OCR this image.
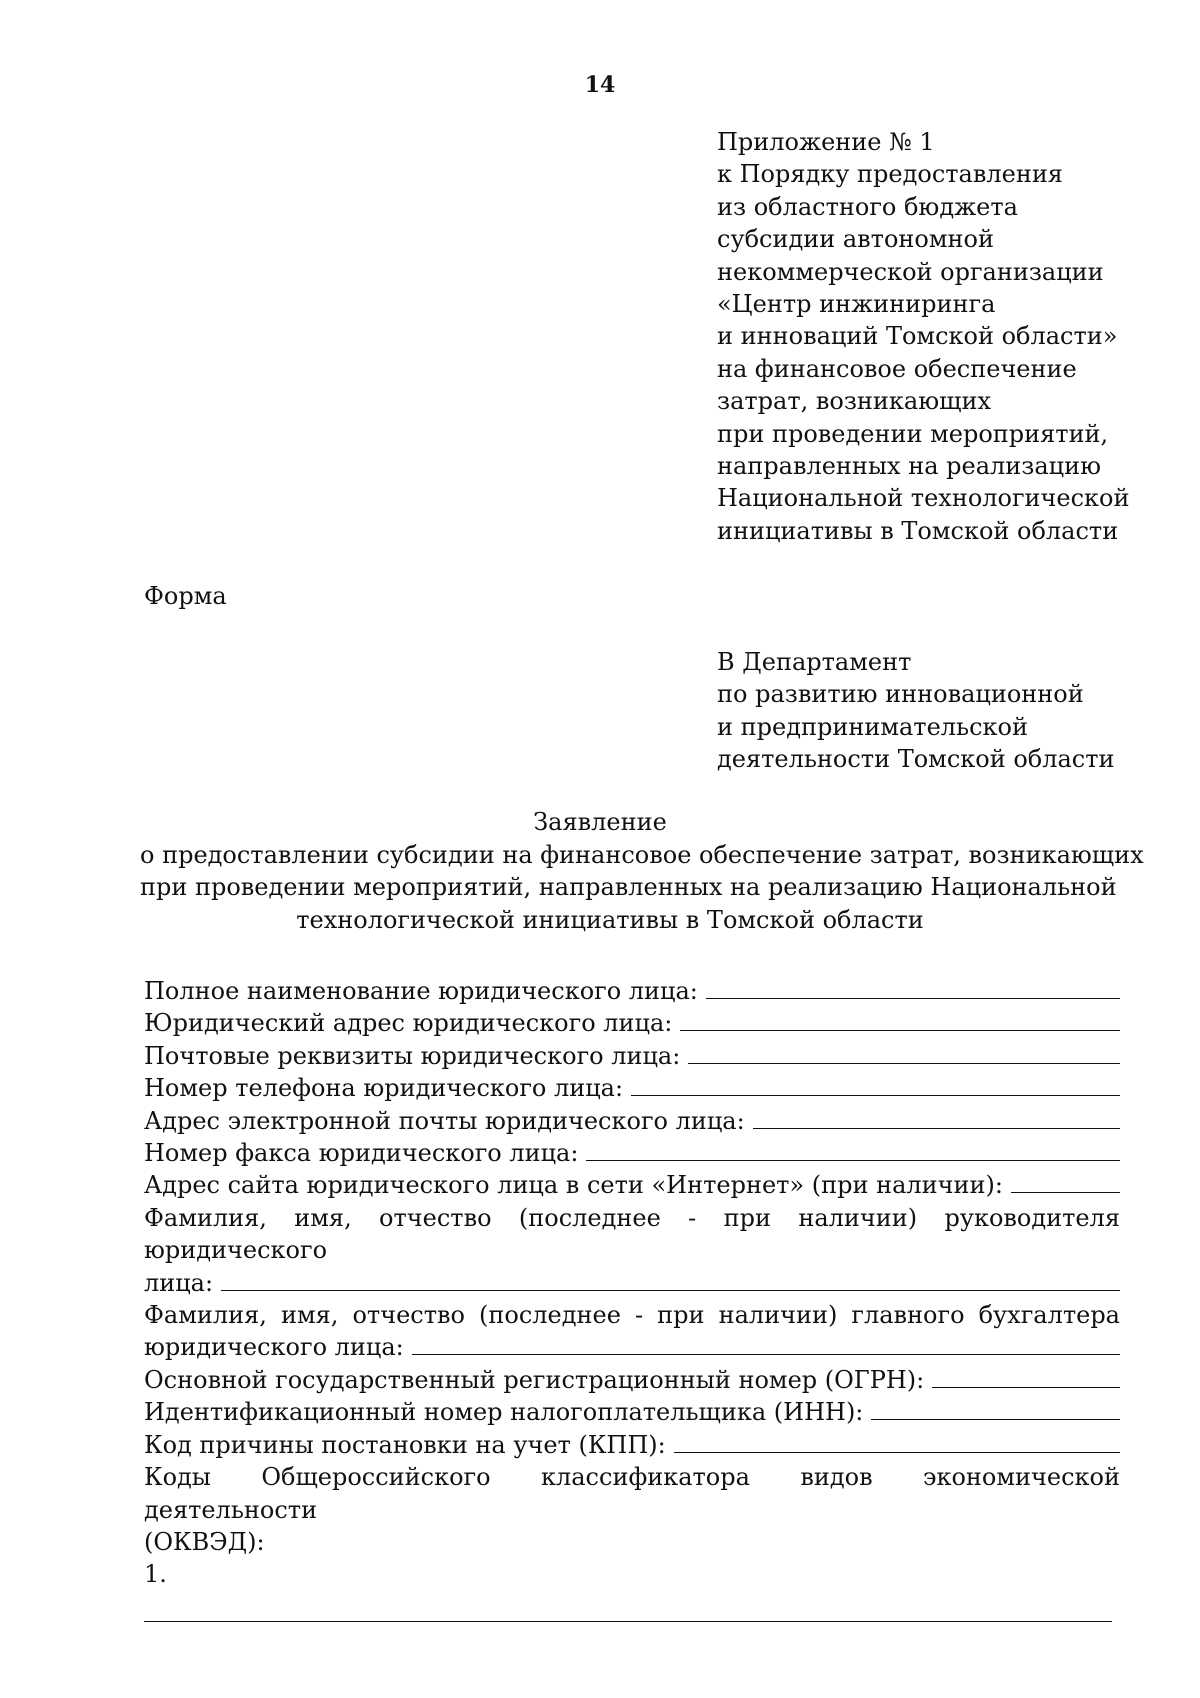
14
Приложение № 1
к Порядку предоставления
из областного бюджета
субсидии автономной
некоммерческой организации
«Центр инжиниринга
и инноваций Томской области»
на финансовое обеспечение
затрат, возникающих
при проведении мероприятий,
направленных на реализацию
Национальной технологической
инициативы в Томской области
Форма
В Департамент
по развитию инновационной
и предпринимательской
деятельности Томской области
Заявление
о предоставлении субсидии на финансовое обеспечение затрат, возникающих
при проведении мероприятий, направленных на реализацию Национальной
технологической инициативы в Томской области
Полное наименование юридического лица:
Юридический адрес юридического лица:
Почтовые реквизиты юридического лица:
Номер телефона юридического лица:
Адрес электронной почты юридического лица:
Номер факса юридического лица:
Адрес сайта юридического лица в сети «Интернет» (при наличии):
Фамилия, имя, отчество (последнее - при наличии) руководителя юридического
лица:
Фамилия, имя, отчество (последнее - при наличии) главного бухгалтера
юридического лица:
Основной государственный регистрационный номер (ОГРН):
Идентификационный номер налогоплательщика (ИНН):
Код причины постановки на учет (КПП):
Коды Общероссийского классификатора видов экономической деятельности
(ОКВЭД):
1.
